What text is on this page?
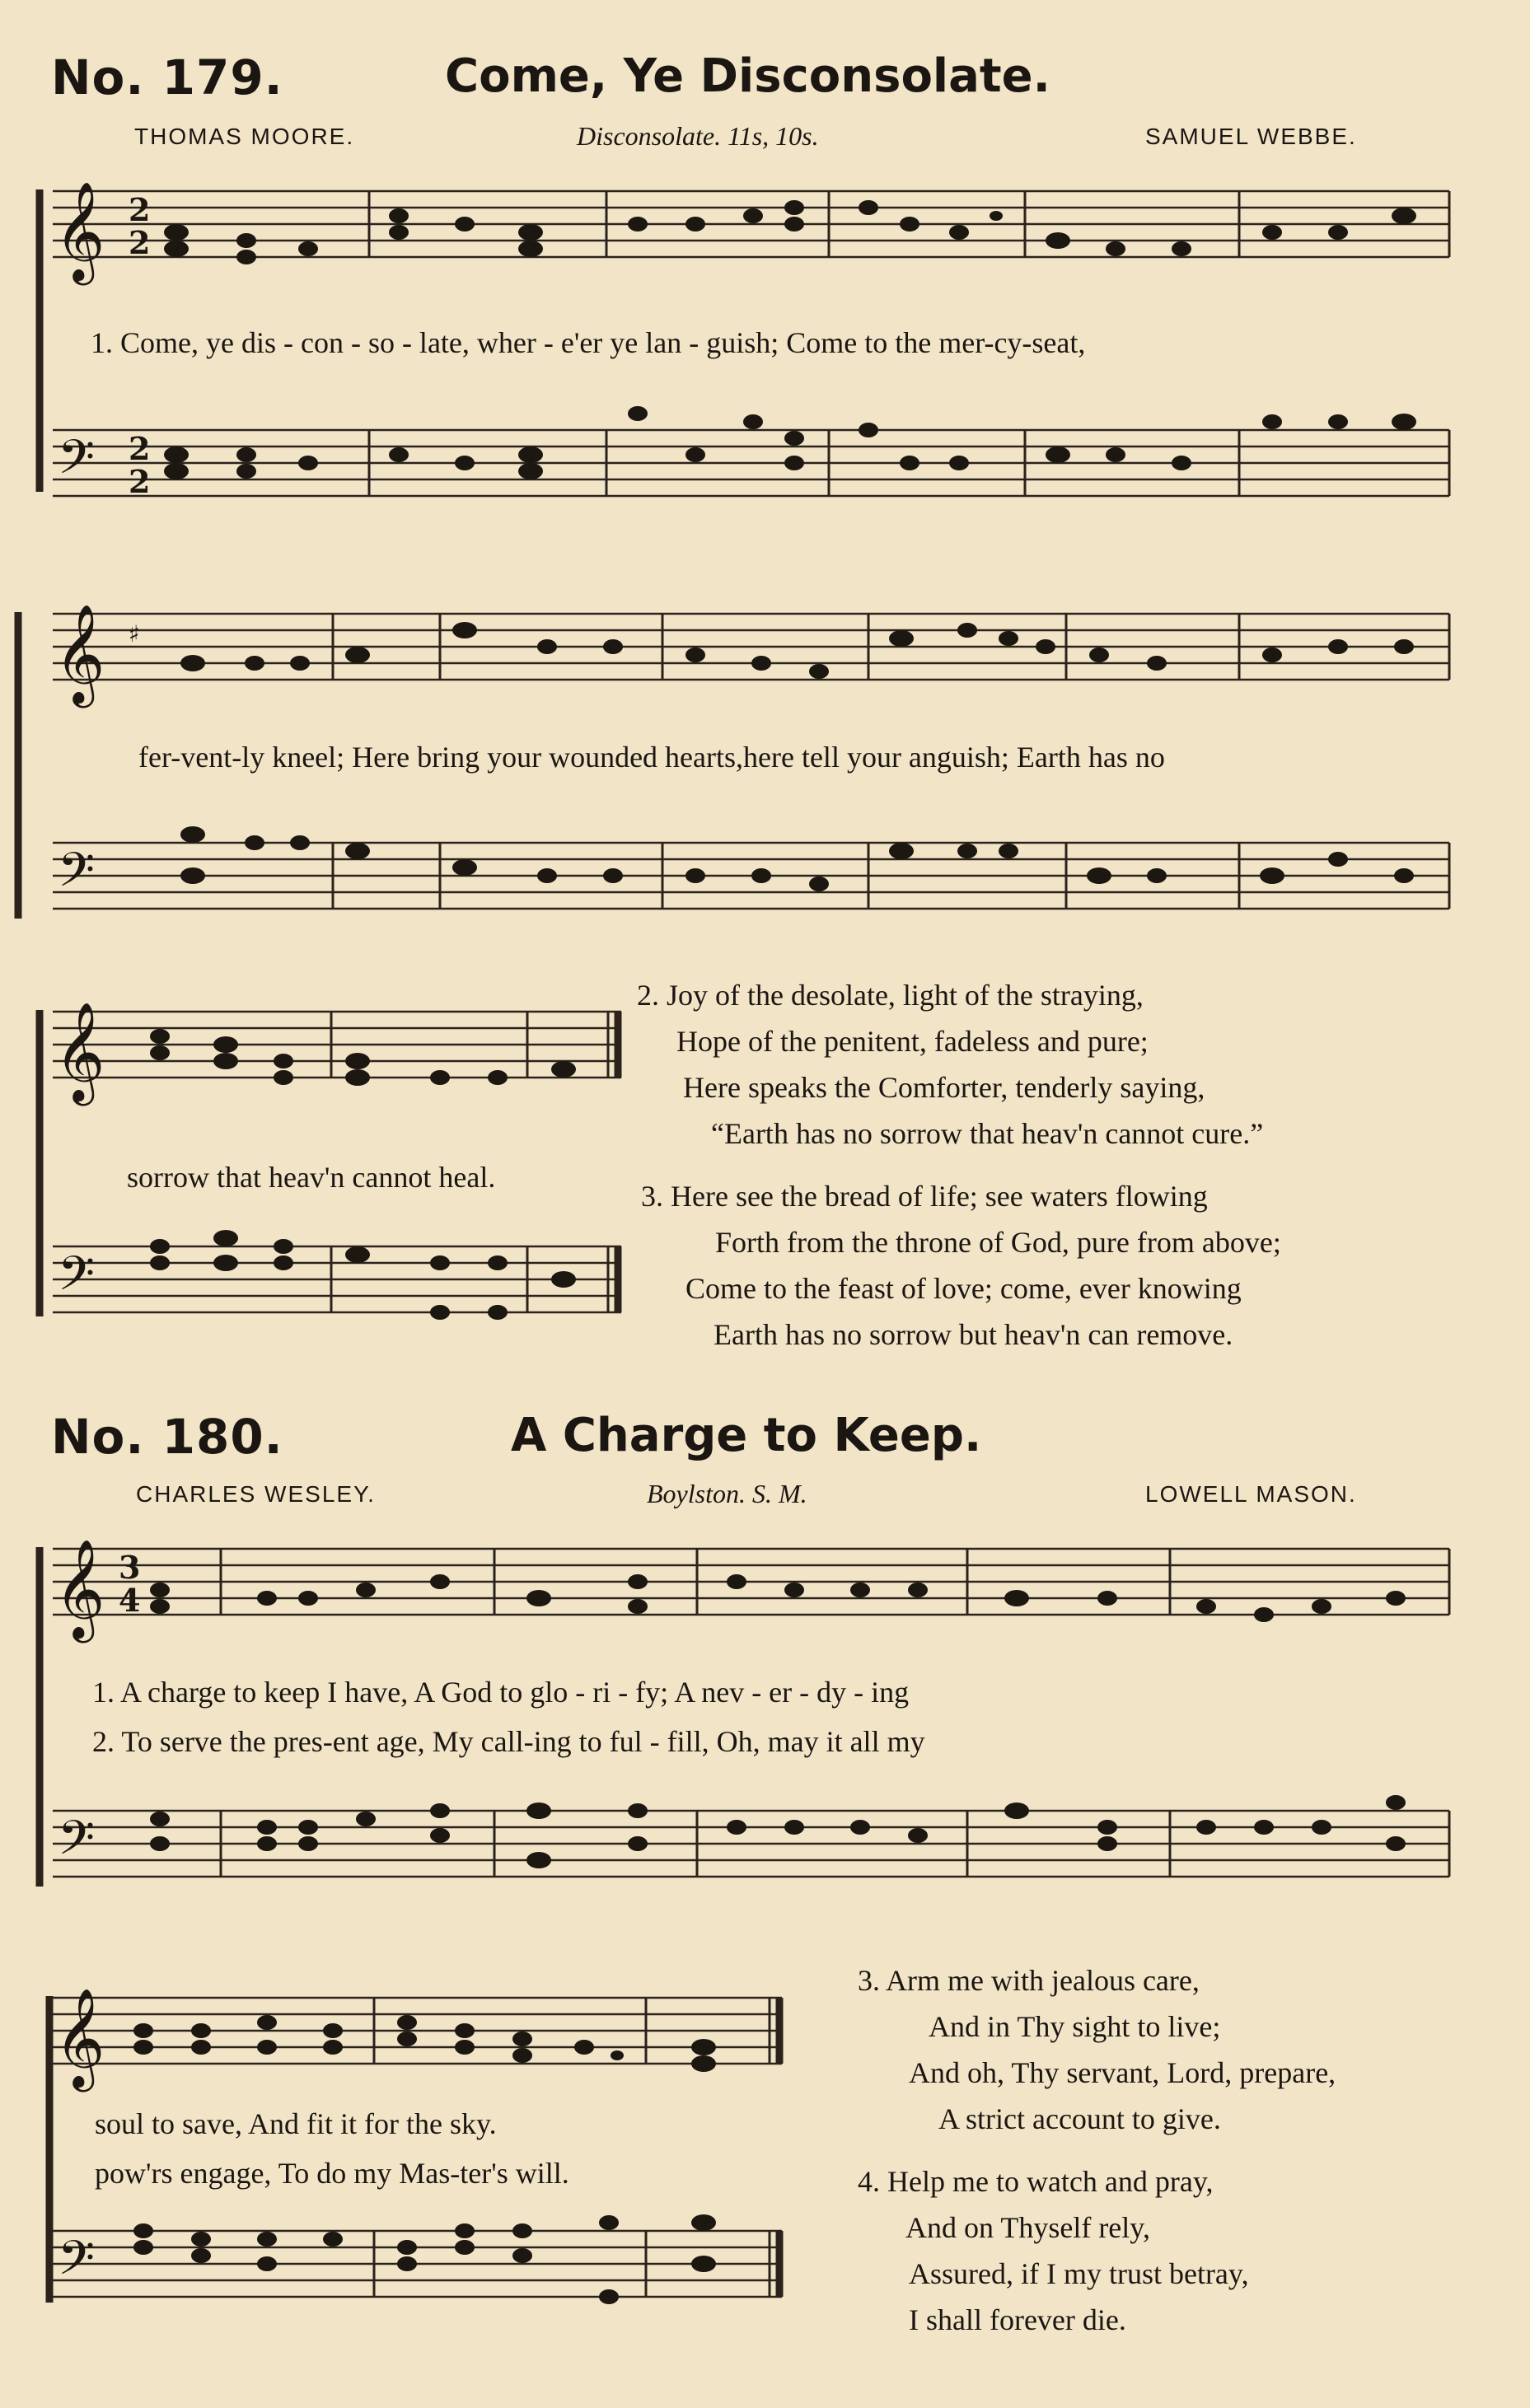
No. 179.	Come, Ye Disconsolate.
THOMAS MOORE.	Disconsolate. 11s, 10s.	SAMUEL WEBBE.
𝄞 2
2
1. Come, ye dis - con - so - late, wher - e'er ye lan - guish; Come to the mer-cy-seat,
𝄢 2
2
𝄞 ♯
fer-vent-ly kneel; Here bring your wounded hearts,here tell your anguish; Earth has no
𝄢
𝄞
sorrow that heav'n cannot heal.
𝄢
2. Joy of the desolate, light of the straying,
Hope of the penitent, fadeless and pure;
Here speaks the Comforter, tenderly saying,
“Earth has no sorrow that heav'n cannot cure.”
3. Here see the bread of life; see waters flowing
Forth from the throne of God, pure from above;
Come to the feast of love; come, ever knowing
Earth has no sorrow but heav'n can remove.
No. 180.	A Charge to Keep.
CHARLES WESLEY.	Boylston. S. M.	LOWELL MASON.
𝄞 3
4
1. A charge to keep I have, A God to glo - ri - fy; A nev - er - dy - ing
2. To serve the pres-ent age, My call-ing to ful - fill, Oh, may it all my
𝄢
𝄞
soul to save, And fit it for the sky.
pow'rs engage, To do my Mas-ter's will.
𝄢
3. Arm me with jealous care,
And in Thy sight to live;
And oh, Thy servant, Lord, prepare,
A strict account to give.
4. Help me to watch and pray,
And on Thyself rely,
Assured, if I my trust betray,
I shall forever die.
